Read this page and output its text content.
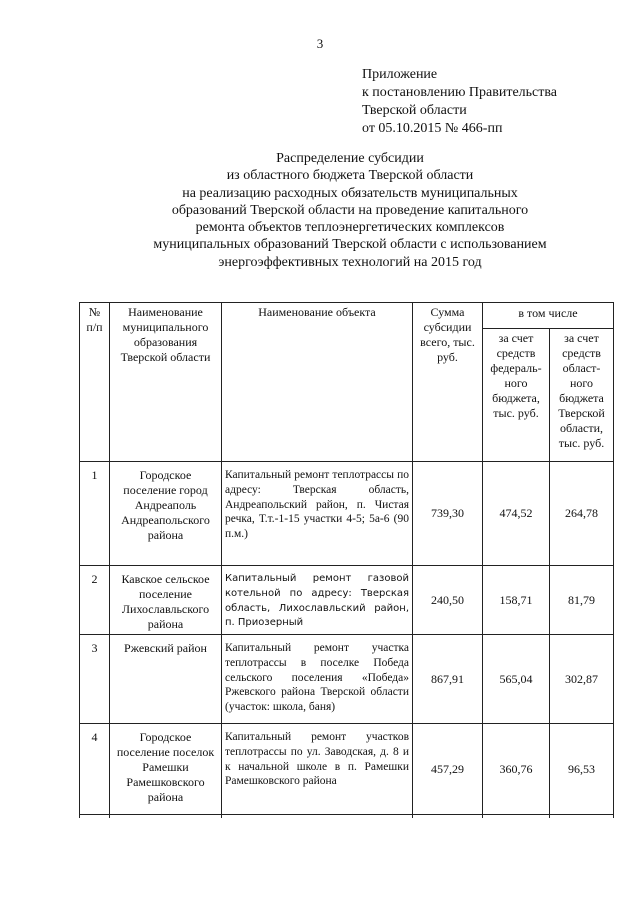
3
Приложение
к постановлению Правительства
Тверской области
от 05.10.2015 № 466-пп
Распределение субсидии
из областного бюджета Тверской области
на реализацию расходных обязательств муниципальных
образований Тверской области на проведение капитального
ремонта объектов теплоэнергетических комплексов
муниципальных образований Тверской области с использованием
энергоэффективных технологий на 2015 год
№ п/п	Наименование муниципального образования Тверской области	Наименование объекта	Сумма субсидии всего, тыс. руб.	в том числе	
				за счет средств федераль-ного бюджета, тыс. руб.	за счет средств област-ного бюджета Тверской области, тыс. руб.
1	Городское поселение город Андреаполь Андреапольского района	Капитальный ремонт теплотрассы по адресу: Тверская область, Андреапольский район, п. Чистая речка, Т.т.-1-15 участки 4-5; 5а-6 (90 п.м.)	739,30	474,52	264,78
2	Кавское сельское поселение Лихославльского района	Капитальный ремонт газовой котельной по адресу: Тверская область, Лихославльский район, п. Приозерный	240,50	158,71	81,79
3	Ржевский район	Капитальный ремонт участка теплотрассы в поселке Победа сельского поселения «Победа» Ржевского района Тверской области (участок: школа, баня)	867,91	565,04	302,87
4	Городское поселение поселок Рамешки Рамешковского района	Капитальный ремонт участков теплотрассы по ул. Заводская, д. 8 и к начальной школе в п. Рамешки Рамешковского района	457,29	360,76	96,53
